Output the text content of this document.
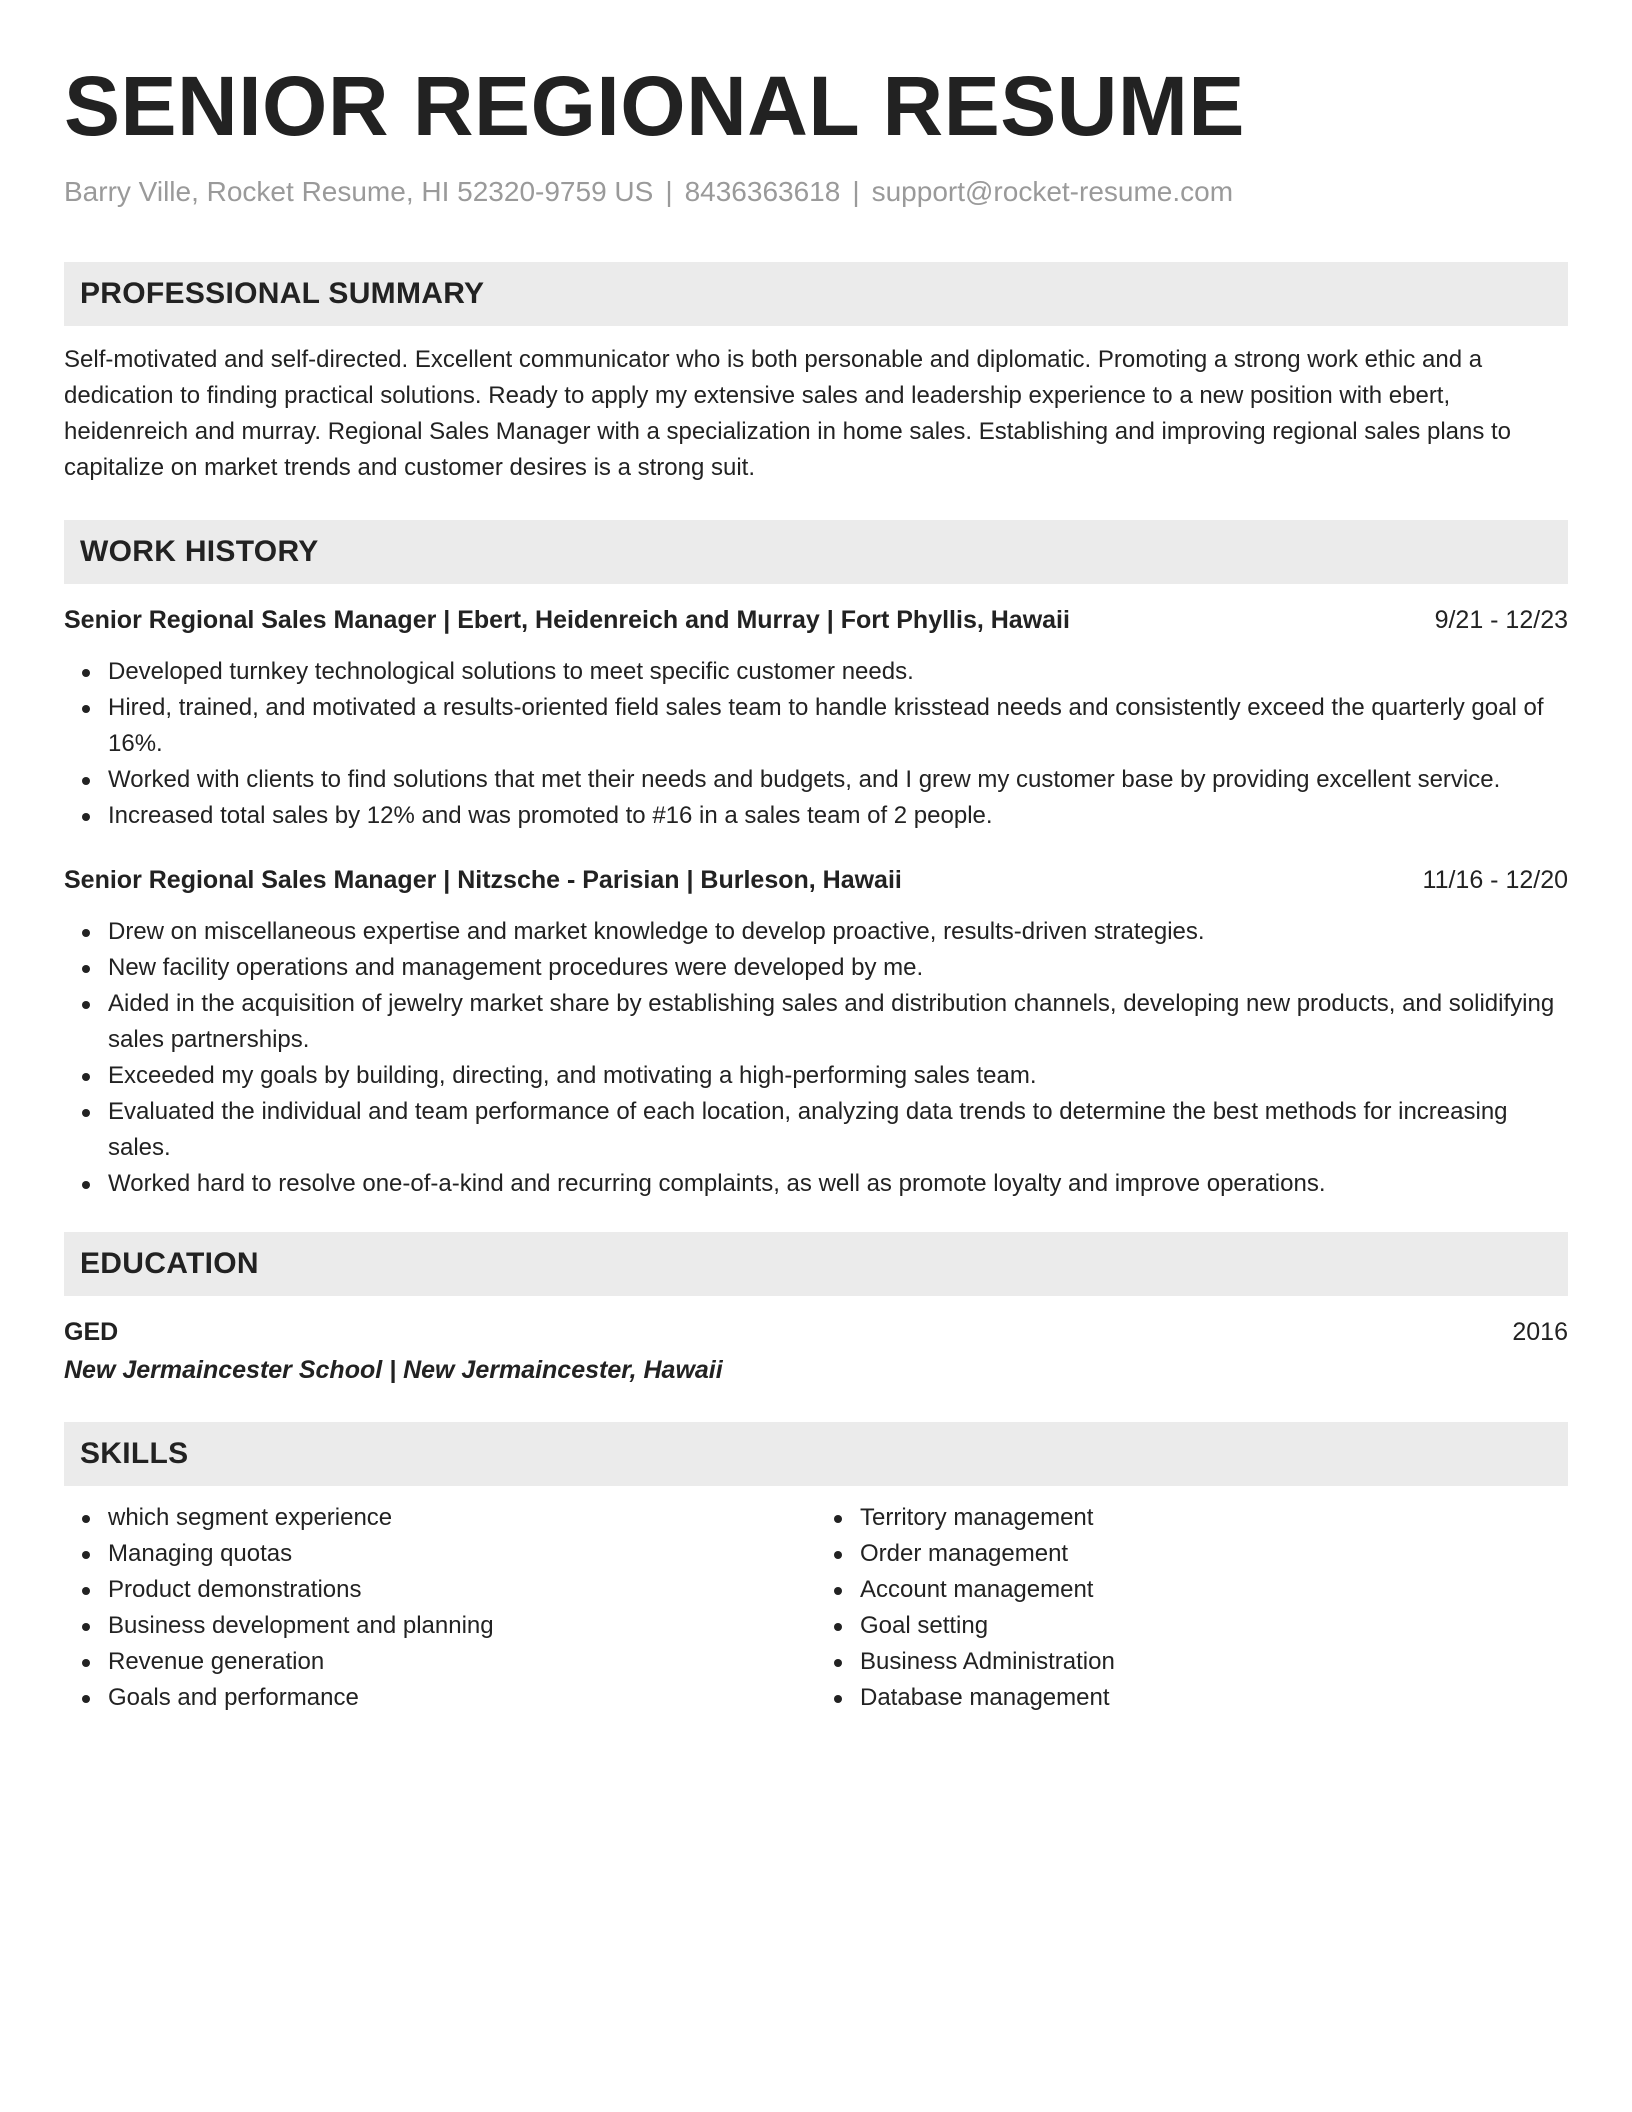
SENIOR REGIONAL RESUME
Barry Ville, Rocket Resume, HI 52320-9759 US | 8436363618 | support@rocket-resume.com
PROFESSIONAL SUMMARY
Self-motivated and self-directed. Excellent communicator who is both personable and diplomatic. Promoting a strong work ethic and a dedication to finding practical solutions. Ready to apply my extensive sales and leadership experience to a new position with ebert, heidenreich and murray. Regional Sales Manager with a specialization in home sales. Establishing and improving regional sales plans to capitalize on market trends and customer desires is a strong suit.
WORK HISTORY
Senior Regional Sales Manager | Ebert, Heidenreich and Murray | Fort Phyllis, Hawaii	9/21 - 12/23
Developed turnkey technological solutions to meet specific customer needs.
Hired, trained, and motivated a results-oriented field sales team to handle krisstead needs and consistently exceed the quarterly goal of 16%.
Worked with clients to find solutions that met their needs and budgets, and I grew my customer base by providing excellent service.
Increased total sales by 12% and was promoted to #16 in a sales team of 2 people.
Senior Regional Sales Manager | Nitzsche - Parisian | Burleson, Hawaii	11/16 - 12/20
Drew on miscellaneous expertise and market knowledge to develop proactive, results-driven strategies.
New facility operations and management procedures were developed by me.
Aided in the acquisition of jewelry market share by establishing sales and distribution channels, developing new products, and solidifying sales partnerships.
Exceeded my goals by building, directing, and motivating a high-performing sales team.
Evaluated the individual and team performance of each location, analyzing data trends to determine the best methods for increasing sales.
Worked hard to resolve one-of-a-kind and recurring complaints, as well as promote loyalty and improve operations.
EDUCATION
GED	2016
New Jermaincester School | New Jermaincester, Hawaii
SKILLS
which segment experience
Managing quotas
Product demonstrations
Business development and planning
Revenue generation
Goals and performance
Territory management
Order management
Account management
Goal setting
Business Administration
Database management
